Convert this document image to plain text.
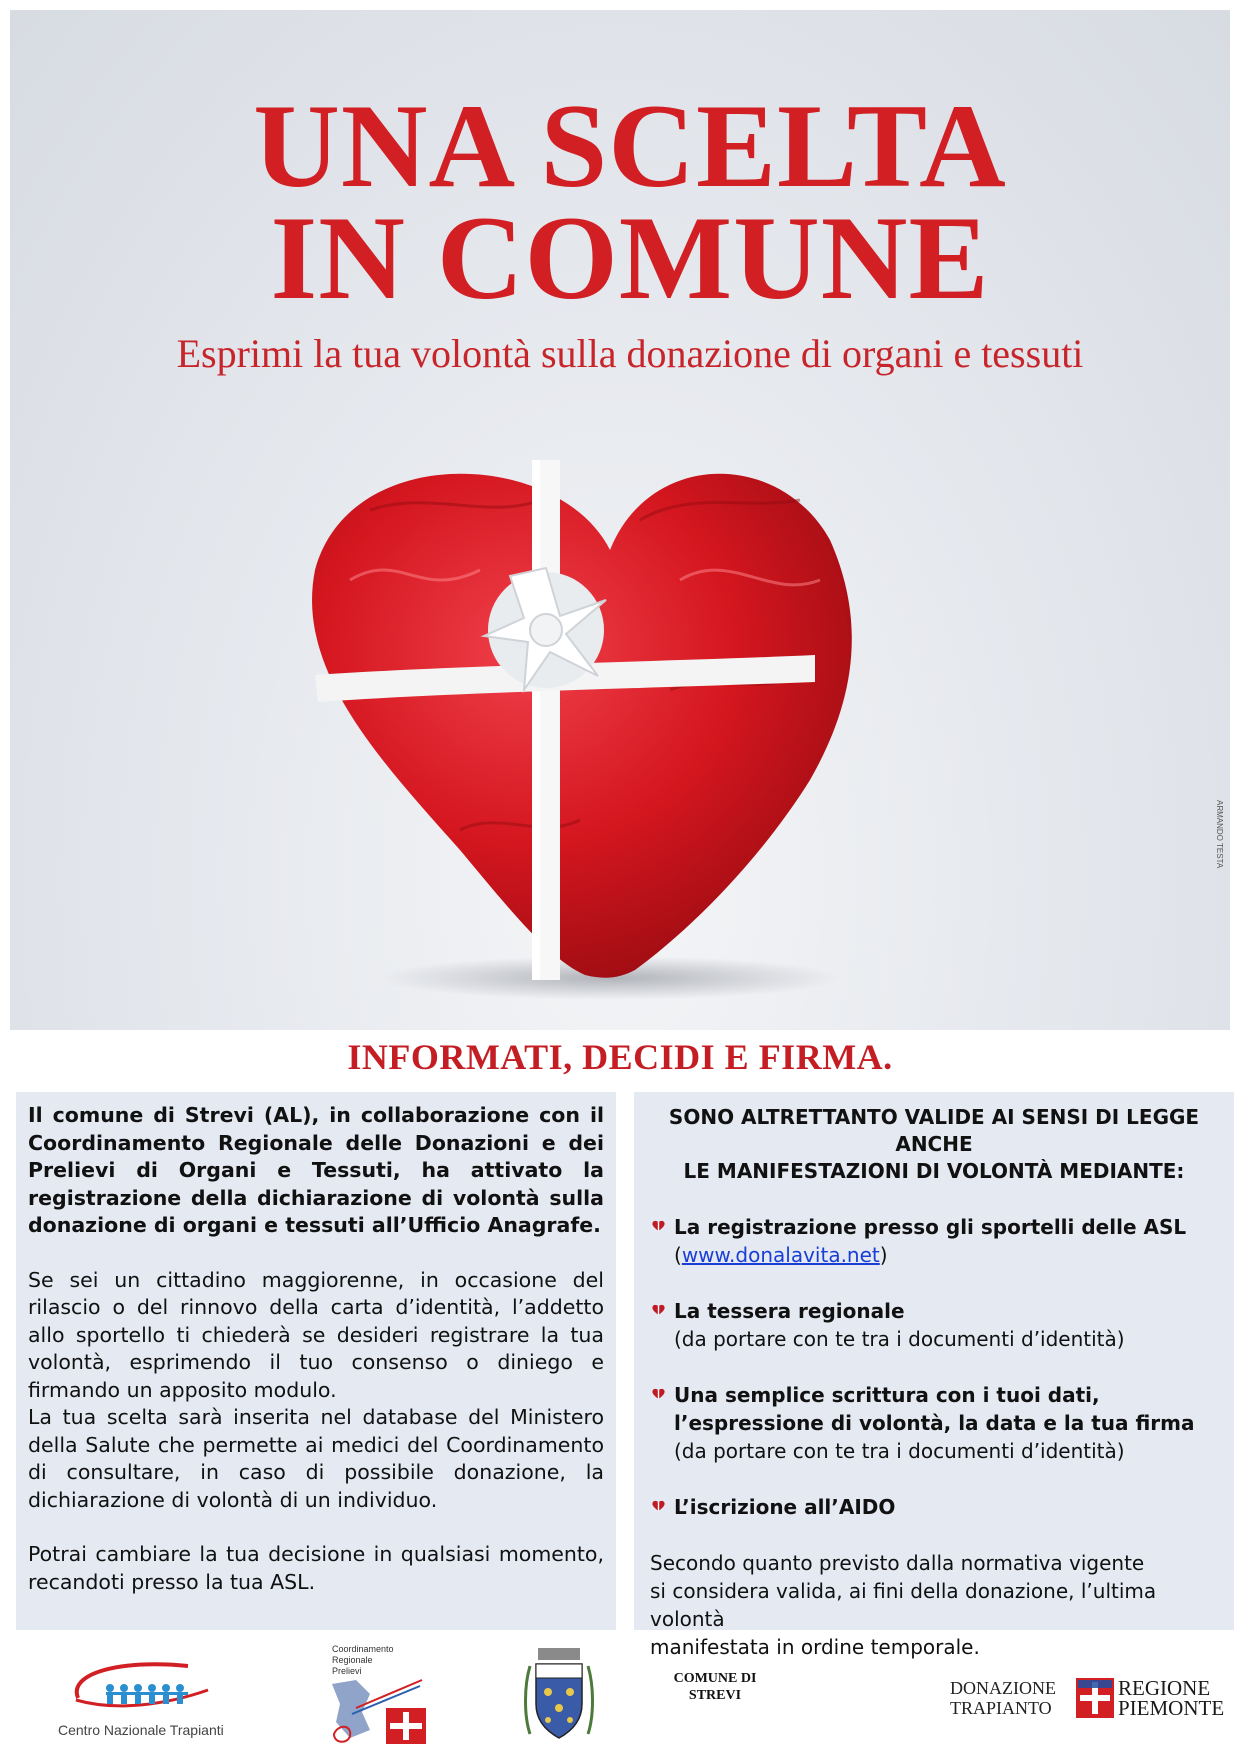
UNA SCELTA
IN COMUNE
Esprimi la tua volontà sulla donazione di organi e tessuti
ARMANDO TESTA
INFORMATI, DECIDI E FIRMA.
Il comune di Strevi (AL), in collaborazione con il Coordinamento Regionale delle Donazioni e dei Prelievi di Organi e Tessuti, ha attivato la registrazione della dichiarazione di volontà sulla donazione di organi e tessuti all’Ufficio Anagrafe.
Se sei un cittadino maggiorenne, in occasione del rilascio o del rinnovo della carta d’identità, l’addetto allo sportello ti chiederà se desideri registrare la tua volontà, esprimendo il tuo consenso o diniego e firmando un apposito modulo.
La tua scelta sarà inserita nel database del Ministero della Salute che permette ai medici del Coordinamento di consultare, in caso di possibile donazione, la dichiarazione di volontà di un individuo.
Potrai cambiare la tua decisione in qualsiasi momento, recandoti presso la tua ASL.
SONO ALTRETTANTO VALIDE AI SENSI DI LEGGE ANCHE
LE MANIFESTAZIONI DI VOLONTÀ MEDIANTE:
La registrazione presso gli sportelli delle ASL
(www.donalavita.net)
La tessera regionale
(da portare con te tra i documenti d’identità)
Una semplice scrittura con i tuoi dati,
l’espressione di volontà, la data e la tua firma
(da portare con te tra i documenti d’identità)
L’iscrizione all’AIDO
Secondo quanto previsto dalla normativa vigente
si considera valida, ai fini della donazione, l’ultima volontà
manifestata in ordine temporale.
Centro Nazionale Trapianti
Coordinamento
Regionale
Prelievi	COMUNE DI
STREVI	DONAZIONE
TRAPIANTO
REGIONE
PIEMONTE
